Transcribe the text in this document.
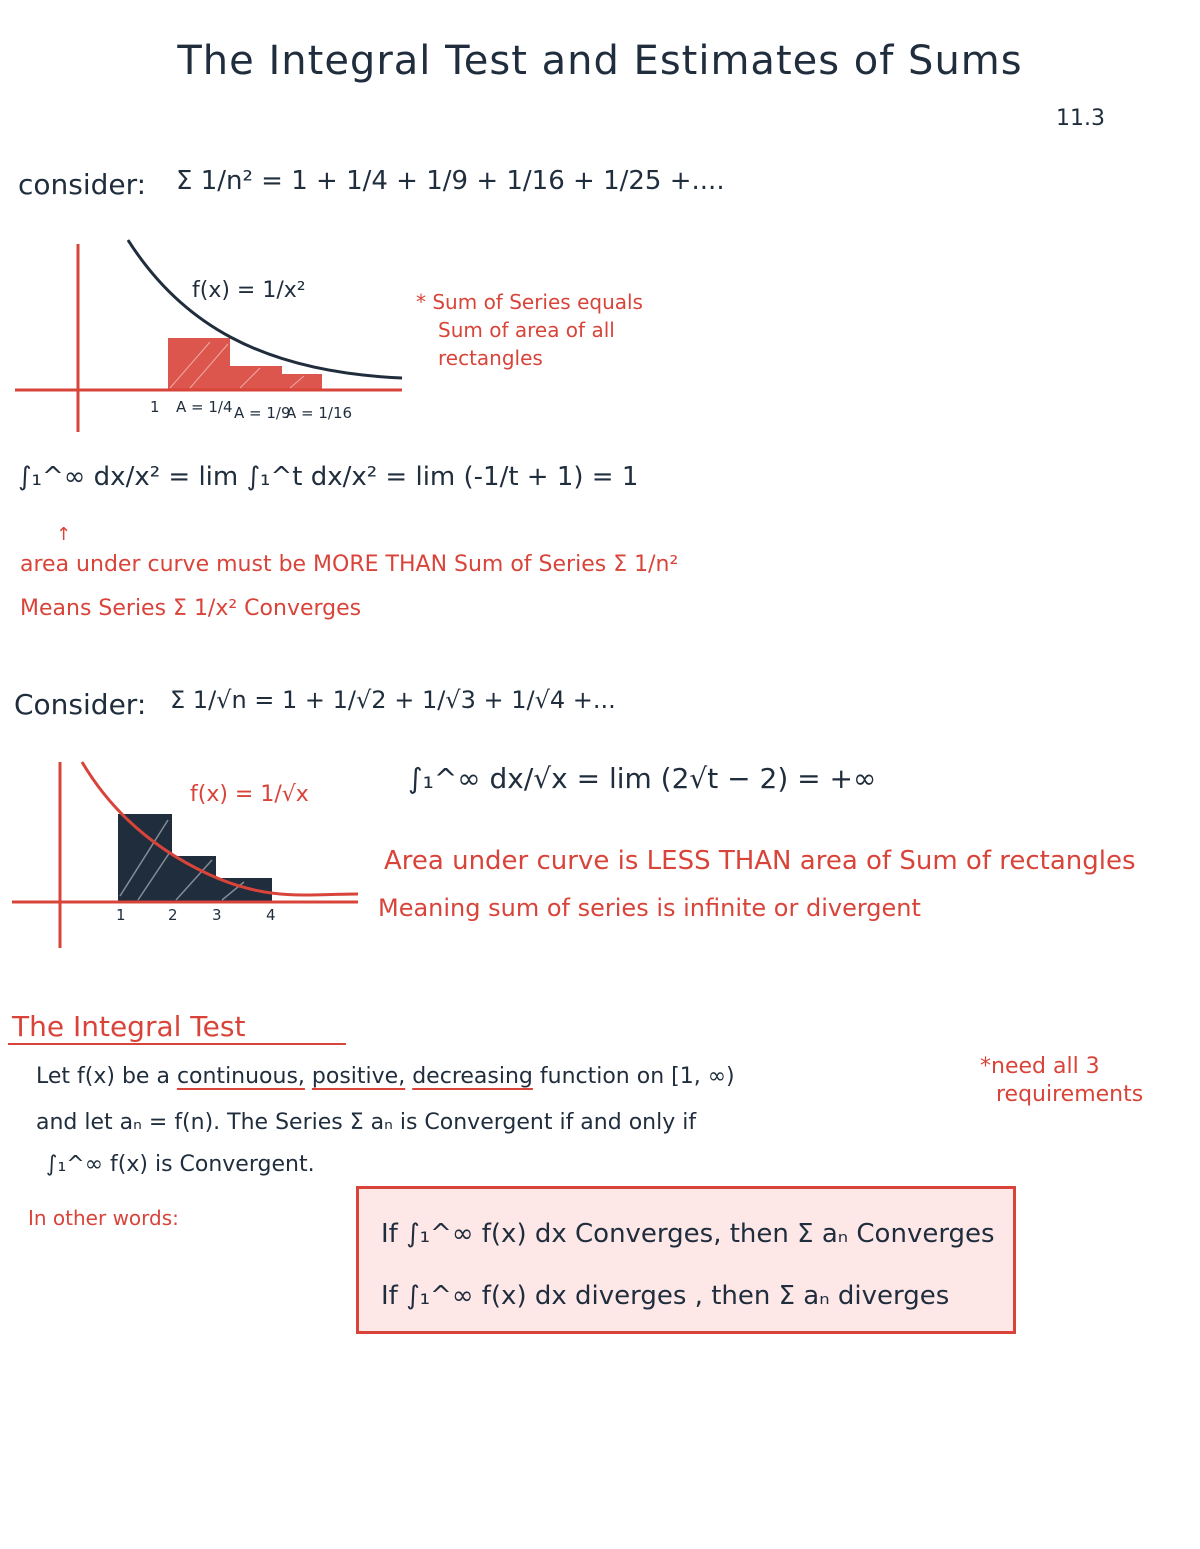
The Integral Test and Estimates of Sums
11.3
consider: Σ 1/n² = 1 + 1/4 + 1/9 + 1/16 + 1/25 +....
f(x) = 1/x²
1 A = 1/4 A = 1/9
A = 1/16
* Sum of Series equals
Sum of area of all
rectangles
∫₁^∞ dx/x² = lim ∫₁^t dx/x² = lim (-1/t + 1) = 1
↑
area under curve must be MORE THAN Sum of Series Σ 1/n²
Means Series Σ 1/x² Converges
Consider: Σ 1/√n = 1 + 1/√2 + 1/√3 + 1/√4 +...
f(x) = 1/√x
1	2 3	4
∫₁^∞ dx/√x = lim (2√t − 2) = +∞
Area under curve is LESS THAN area of Sum of rectangles
Meaning sum of series is infinite or divergent
The Integral Test
Let f(x) be a continuous, positive, decreasing function on [1, ∞)	*need all 3
requirements
and let aₙ = f(n). The Series Σ aₙ is Convergent if and only if
∫₁^∞ f(x) is Convergent.
In other words:
If ∫₁^∞ f(x) dx Converges, then Σ aₙ Converges
If ∫₁^∞ f(x) dx diverges , then Σ aₙ diverges
